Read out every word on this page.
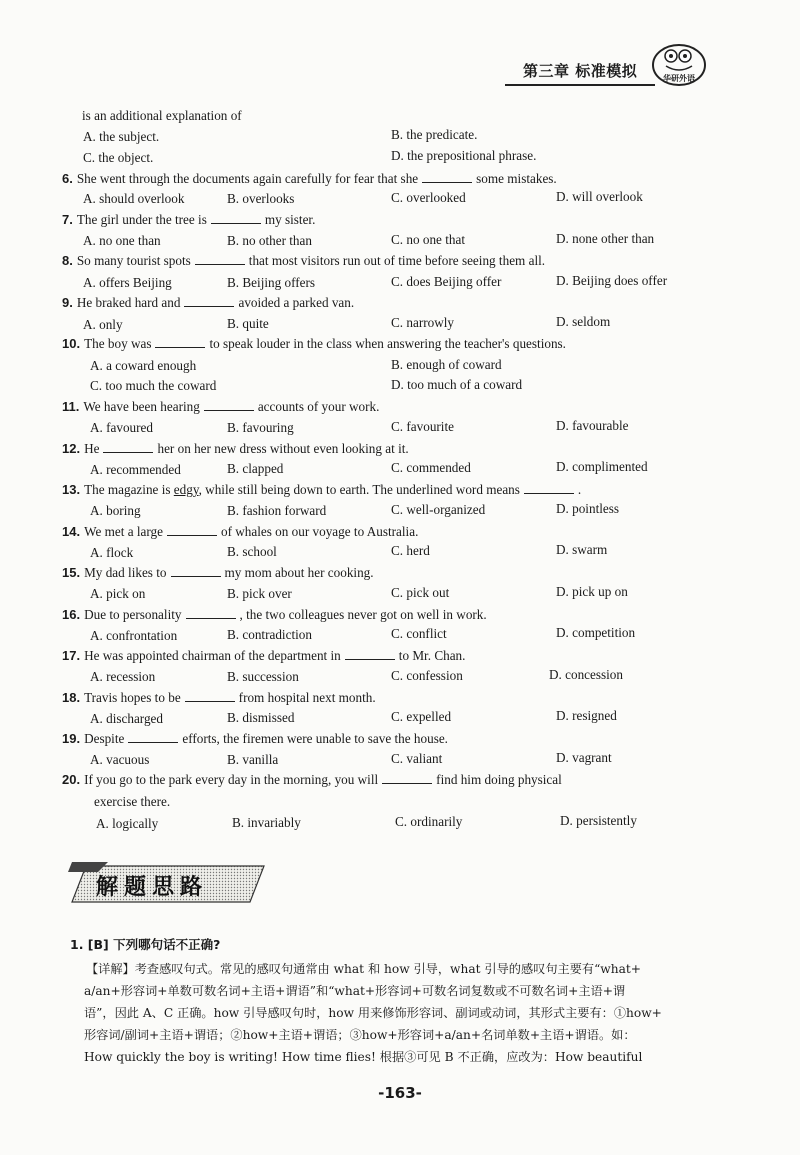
第三章 标准模拟	华研外语
is an additional explanation of
A. the subject.	B. the predicate.
C. the object.	D. the prepositional phrase.
6. She went through the documents again carefully for fear that she	some mistakes.
A. should overlook	B. overlooks	C. overlooked	D. will overlook
7. The girl under the tree is	my sister.
A. no one than	B. no other than	C. no one that	D. none other than
8. So many tourist spots	that most visitors run out of time before seeing them all.
A. offers Beijing	B. Beijing offers	C. does Beijing offer	D. Beijing does offer
9. He braked hard and	avoided a parked van.
A. only	B. quite	C. narrowly	D. seldom
10. The boy was	to speak louder in the class when answering the teacher's questions.
A. a coward enough	B. enough of coward
C. too much the coward	D. too much of a coward
11. We have been hearing	accounts of your work.
A. favoured	B. favouring	C. favourite	D. favourable
12. He	her on her new dress without even looking at it.
A. recommended	B. clapped	C. commended	D. complimented
13. The magazine is edgy, while still being down to earth. The underlined word means	.
A. boring	B. fashion forward	C. well-organized	D. pointless
14. We met a large	of whales on our voyage to Australia.
A. flock	B. school	C. herd	D. swarm
15. My dad likes to	my mom about her cooking.
A. pick on	B. pick over	C. pick out	D. pick up on
16. Due to personality	, the two colleagues never got on well in work.
A. confrontation	B. contradiction	C. conflict	D. competition
17. He was appointed chairman of the department in	to Mr. Chan.
A. recession	B. succession	C. confession	D. concession
18. Travis hopes to be	from hospital next month.
A. discharged	B. dismissed	C. expelled	D. resigned
19. Despite	efforts, the firemen were unable to save the house.
A. vacuous	B. vanilla	C. valiant	D. vagrant
20. If you go to the park every day in the morning, you will	find him doing physical
exercise there.
A. logically	B. invariably	C. ordinarily	D. persistently
解题思路
1. [B] 下列哪句话不正确?
【详解】考查感叹句式。常见的感叹句通常由 what 和 how 引导，what 引导的感叹句主要有“what+
a/an+形容词+单数可数名词+主语+谓语”和“what+形容词+可数名词复数或不可数名词+主语+谓
语”，因此 A、C 正确。how 引导感叹句时，how 用来修饰形容词、副词或动词，其形式主要有：①how+
形容词/副词+主语+谓语；②how+主语+谓语；③how+形容词+a/an+名词单数+主语+谓语。如：
How quickly the boy is writing! How time flies! 根据③可见 B 不正确，应改为：How beautiful
-163-
